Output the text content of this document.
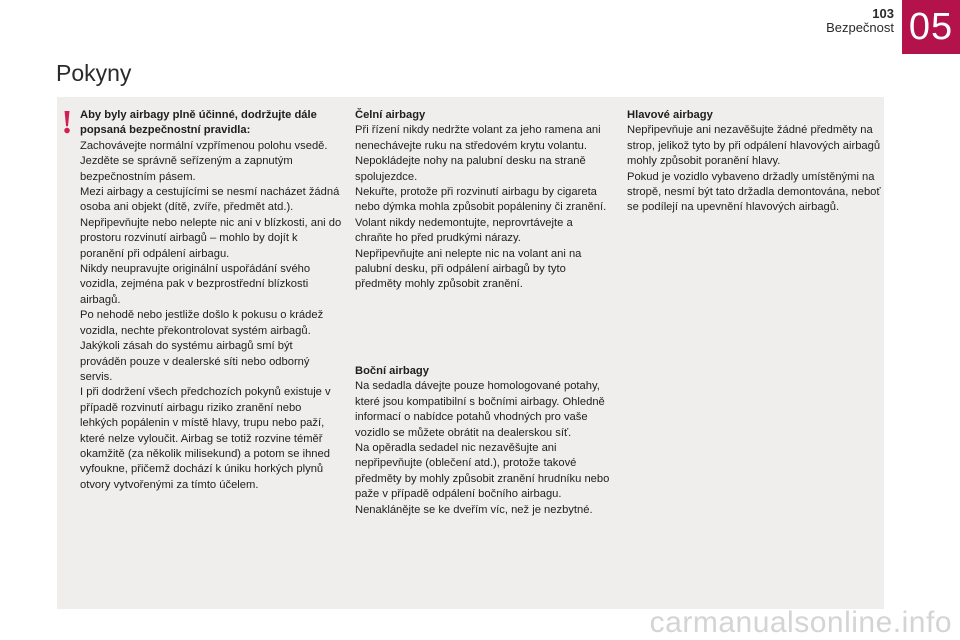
103
Bezpečnost 05
Pokyny
! Aby byly airbagy plně účinné, dodržujte dále popsaná bezpečnostní pravidla:

Zachovávejte normální vzpřímenou polohu vsedě.
Jezděte se správně seřízeným a zapnutým bezpečnostním pásem.
Mezi airbagy a cestujícími se nesmí nacházet žádná osoba ani objekt (dítě, zvíře, předmět atd.).
Nepřipevňujte nebo nelepte nic ani v blízkosti, ani do prostoru rozvinutí airbagů – mohlo by dojít k poranění při odpálení airbagu.
Nikdy neupravujte originální uspořádání svého vozidla, zejména pak v bezprostřední blízkosti airbagů.
Po nehodě nebo jestliže došlo k pokusu o krádež vozidla, nechte překontrolovat systém airbagů.
Jakýkoli zásah do systému airbagů smí být prováděn pouze v dealerské síti nebo odborný servis.
I při dodržení všech předchozích pokynů existuje v případě rozvinutí airbagu riziko zranění nebo lehkých popálenin v místě hlavy, trupu nebo paží, které nelze vyloučit. Airbag se totiž rozvine téměř okamžitě (za několik milisekund) a potom se ihned vyfoukne, přičemž dochází k úniku horkých plynů otvory vytvořenými za tímto účelem.

Čelní airbagy

Při řízení nikdy nedržte volant za jeho ramena ani nenechávejte ruku na středovém krytu volantu.
Nepokládejte nohy na palubní desku na straně spolujezdce.
Nekuřte, protože při rozvinutí airbagu by cigareta nebo dýmka mohla způsobit popáleniny či zranění.
Volant nikdy nedemontujte, neprovrtávejte a chraňte ho před prudkými nárazy.
Nepřipevňujte ani nelepte nic na volant ani na palubní desku, při odpálení airbagů by tyto předměty mohly způsobit zranění.

Boční airbagy

Na sedadla dávejte pouze homologované potahy, které jsou kompatibilní s bočními airbagy. Ohledně informací o nabídce potahů vhodných pro vaše vozidlo se můžete obrátit na dealerskou síť.
Na opěradla sedadel nic nezavěšujte ani nepřipevňujte (oblečení atd.), protože takové předměty by mohly způsobit zranění hrudníku nebo paže v případě odpálení bočního airbagu.
Nenaklánějte se ke dveřím víc, než je nezbytné.

Hlavové airbagy

Nepřipevňuje ani nezavěšujte žádné předměty na strop, jelikož tyto by při odpálení hlavových airbagů mohly způsobit poranění hlavy.
Pokud je vozidlo vybaveno držadly umístěnými na stropě, nesmí být tato držadla demontována, neboť se podílejí na upevnění hlavových airbagů.

carmanualsonline.info
